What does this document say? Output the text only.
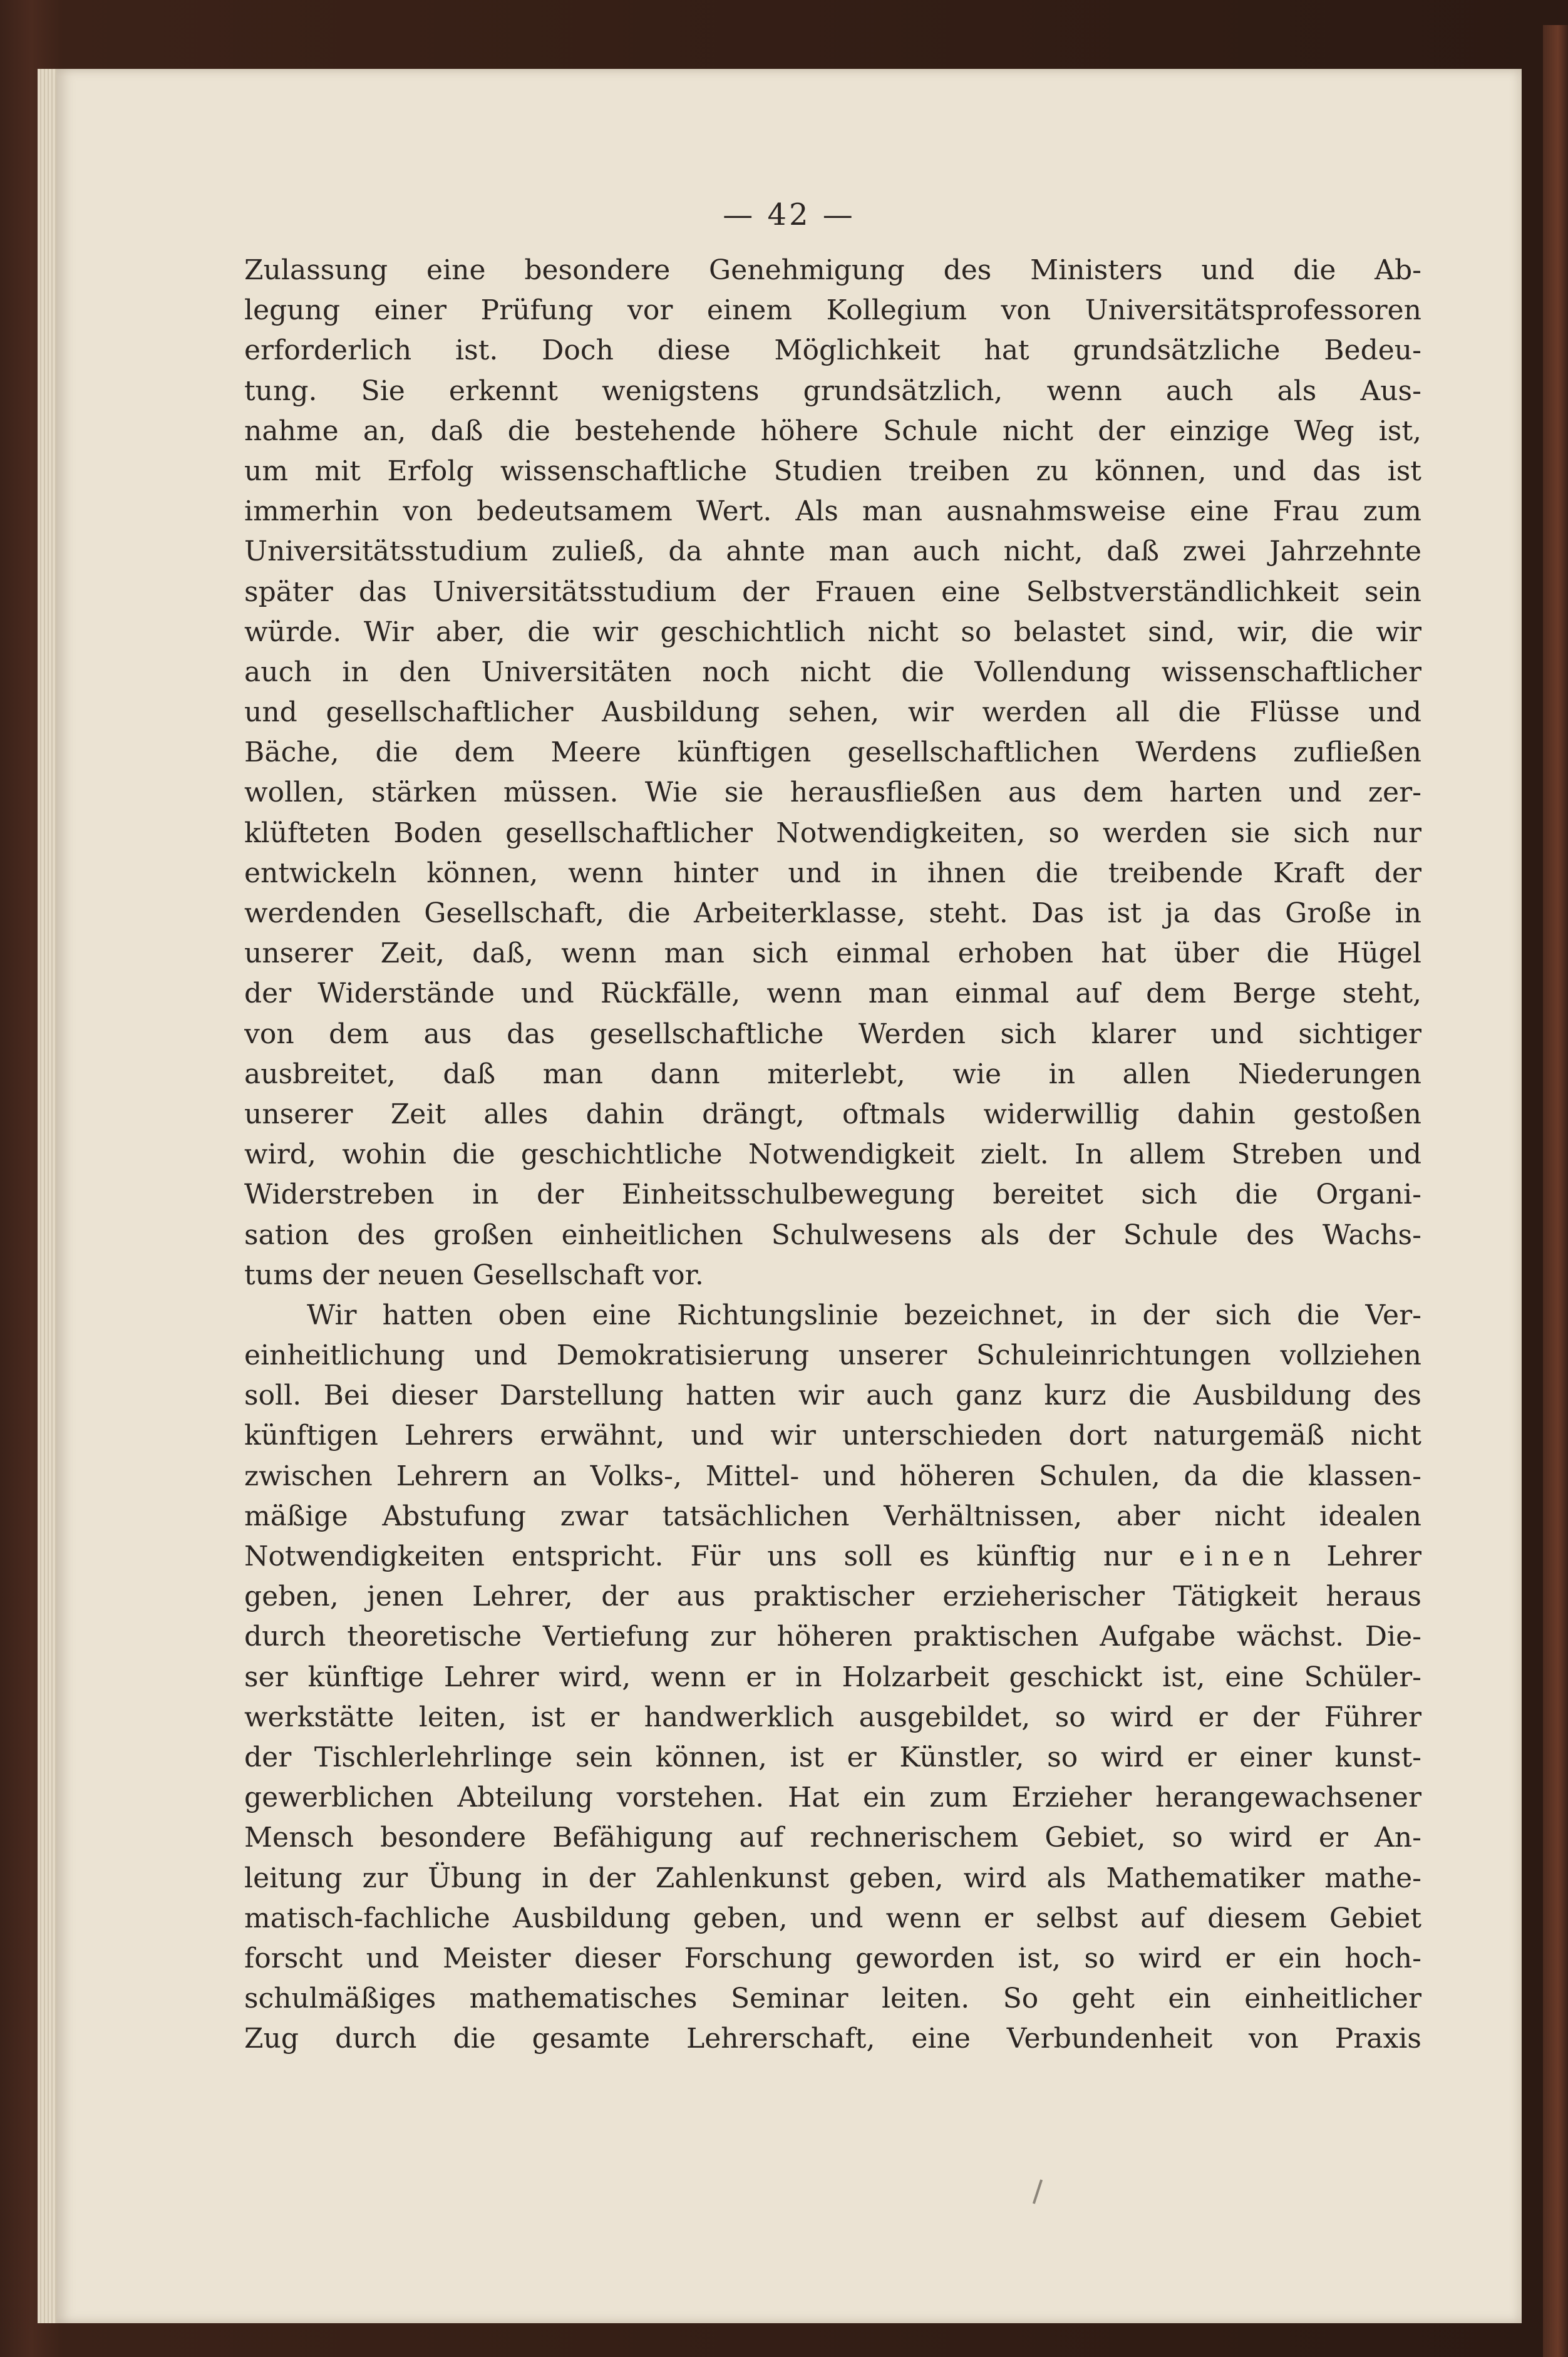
— 42 —
Zulassung eine besondere Genehmigung des Ministers und die Ab-
legung einer Prüfung vor einem Kollegium von Universitätsprofessoren
erforderlich ist. Doch diese Möglichkeit hat grundsätzliche Bedeu-
tung. Sie erkennt wenigstens grundsätzlich, wenn auch als Aus-
nahme an, daß die bestehende höhere Schule nicht der einzige Weg ist,
um mit Erfolg wissenschaftliche Studien treiben zu können, und das ist
immerhin von bedeutsamem Wert. Als man ausnahmsweise eine Frau zum
Universitätsstudium zuließ, da ahnte man auch nicht, daß zwei Jahrzehnte
später das Universitätsstudium der Frauen eine Selbstverständlichkeit sein
würde. Wir aber, die wir geschichtlich nicht so belastet sind, wir, die wir
auch in den Universitäten noch nicht die Vollendung wissenschaftlicher
und gesellschaftlicher Ausbildung sehen, wir werden all die Flüsse und
Bäche, die dem Meere künftigen gesellschaftlichen Werdens zufließen
wollen, stärken müssen. Wie sie herausfließen aus dem harten und zer-
klüfteten Boden gesellschaftlicher Notwendigkeiten, so werden sie sich nur
entwickeln können, wenn hinter und in ihnen die treibende Kraft der
werdenden Gesellschaft, die Arbeiterklasse, steht. Das ist ja das Große in
unserer Zeit, daß, wenn man sich einmal erhoben hat über die Hügel
der Widerstände und Rückfälle, wenn man einmal auf dem Berge steht,
von dem aus das gesellschaftliche Werden sich klarer und sichtiger
ausbreitet, daß man dann miterlebt, wie in allen Niederungen
unserer Zeit alles dahin drängt, oftmals widerwillig dahin gestoßen
wird, wohin die geschichtliche Notwendigkeit zielt. In allem Streben und
Widerstreben in der Einheitsschulbewegung bereitet sich die Organi-
sation des großen einheitlichen Schulwesens als der Schule des Wachs-
tums der neuen Gesellschaft vor.
Wir hatten oben eine Richtungslinie bezeichnet, in der sich die Ver-
einheitlichung und Demokratisierung unserer Schuleinrichtungen vollziehen
soll. Bei dieser Darstellung hatten wir auch ganz kurz die Ausbildung des
künftigen Lehrers erwähnt, und wir unterschieden dort naturgemäß nicht
zwischen Lehrern an Volks-, Mittel- und höheren Schulen, da die klassen-
mäßige Abstufung zwar tatsächlichen Verhältnissen, aber nicht idealen
Notwendigkeiten entspricht. Für uns soll es künftig nur einen Lehrer
geben, jenen Lehrer, der aus praktischer erzieherischer Tätigkeit heraus
durch theoretische Vertiefung zur höheren praktischen Aufgabe wächst. Die-
ser künftige Lehrer wird, wenn er in Holzarbeit geschickt ist, eine Schüler-
werkstätte leiten, ist er handwerklich ausgebildet, so wird er der Führer
der Tischlerlehrlinge sein können, ist er Künstler, so wird er einer kunst-
gewerblichen Abteilung vorstehen. Hat ein zum Erzieher herangewachsener
Mensch besondere Befähigung auf rechnerischem Gebiet, so wird er An-
leitung zur Übung in der Zahlenkunst geben, wird als Mathematiker mathe-
matisch-fachliche Ausbildung geben, und wenn er selbst auf diesem Gebiet
forscht und Meister dieser Forschung geworden ist, so wird er ein hoch-
schulmäßiges mathematisches Seminar leiten. So geht ein einheitlicher
Zug durch die gesamte Lehrerschaft, eine Verbundenheit von Praxis
